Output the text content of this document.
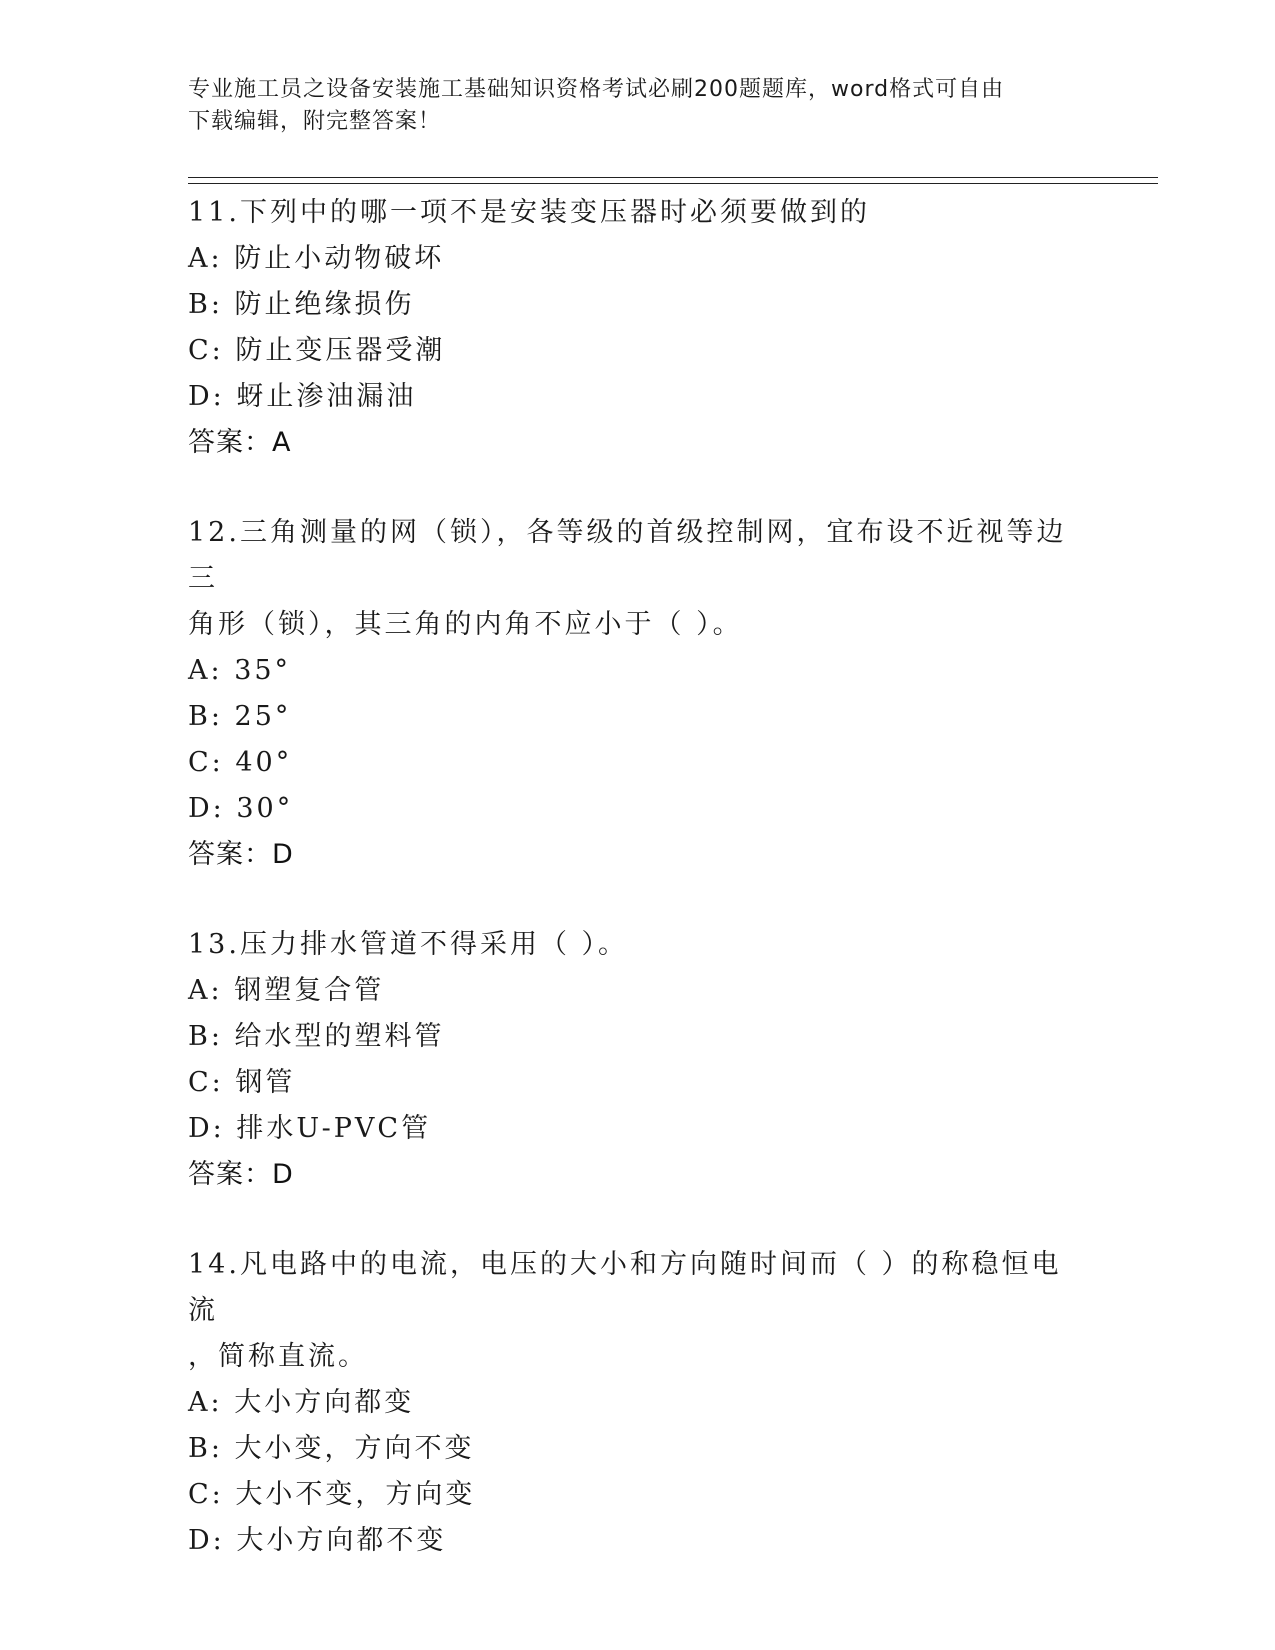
专业施工员之设备安装施工基础知识资格考试必刷200题题库，word格式可自由
下载编辑，附完整答案！
11.下列中的哪一项不是安装变压器时必须要做到的
A: 防止小动物破坏
B: 防止绝缘损伤
C: 防止变压器受潮
D: 蚜止渗油漏油
答案：A
12.三角测量的网（锁），各等级的首级控制网，宜布设不近视等边三
角形（锁），其三角的内角不应小于（ ）。
A: 35°
B: 25°
C: 40°
D: 30°
答案：D
13.压力排水管道不得采用（ ）。
A: 钢塑复合管
B: 给水型的塑料管
C: 钢管
D: 排水U-PVC管
答案：D
14.凡电路中的电流，电压的大小和方向随时间而（ ）的称稳恒电流
，简称直流。
A: 大小方向都变
B: 大小变，方向不变
C: 大小不变，方向变
D: 大小方向都不变
